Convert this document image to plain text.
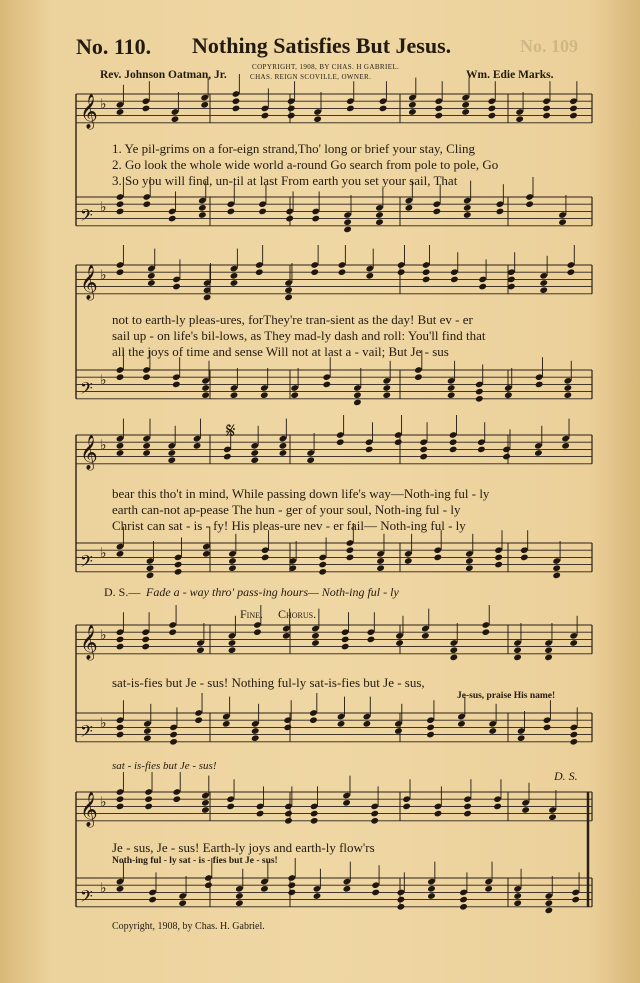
No. 109
No. 110. Nothing Satisfies But Jesus.
COPYRIGHT, 1908, BY CHAS. H GABRIEL.
CHAS. REIGN SCOVILLE, OWNER.
Rev. Johnson Oatman, Jr.	Wm. Edie Marks.
𝄞 ♭
𝄢 ♭
𝄞 ♭
𝄢 ♭
𝄞 ♭
𝄢 ♭
𝄞 ♭
𝄢 ♭
𝄞 ♭
𝄢 ♭
1. Ye pil-grims on a for-eign strand,Tho' long or brief your stay, Cling
2. Go look the whole wide world a-round Go search from pole to pole, Go
3. So you will find, un-til at last From earth you set your sail, That
not to earth-ly pleas-ures, forThey're tran-sient as the day! But ev - er
sail up - on life's bil-lows, as They mad-ly dash and roll: You'll find that
all the joys of time and sense Will not at last a - vail; But Je - sus
𝄋
bear this tho't in mind, While passing down life's way—Noth-ing ful - ly
earth can-not ap-pease The hun - ger of your soul, Noth-ing ful - ly
Christ can sat - is - fy! His pleas-ure nev - er fail— Noth-ing ful - ly
D. S.— Fade a - way thro' pass-ing hours— Noth-ing ful - ly
Fine. Chorus.
sat-is-fies but Je - sus! Nothing ful-ly sat-is-fies but Je - sus,
Je-sus, praise His name!
sat - is-fies but Je - sus!
D. S.
Je - sus, Je - sus! Earth-ly joys and earth-ly flow'rs
Noth-ing ful - ly sat - is - fies but Je - sus!
Copyright, 1908, by Chas. H. Gabriel.
